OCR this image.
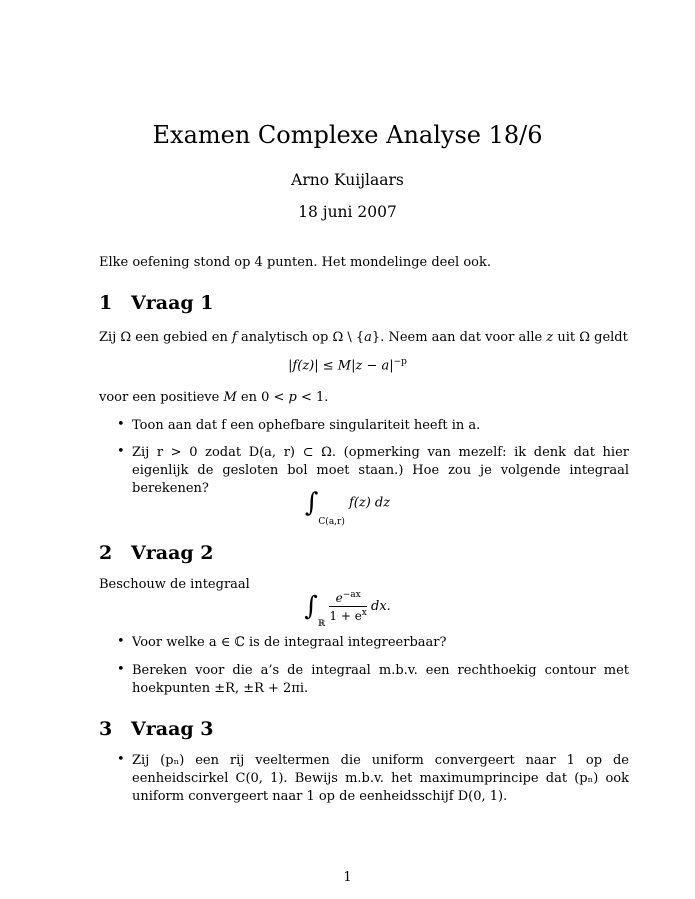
Examen Complexe Analyse 18/6
Arno Kuijlaars
18 juni 2007
Elke oefening stond op 4 punten. Het mondelinge deel ook.
1 Vraag 1
Zij Ω een gebied en f analytisch op Ω \ {a}. Neem aan dat voor alle z uit Ω geldt
$|f(z)| \le M|z - a|^{-p}$
voor een positieve M en 0 < p < 1.
• Toon aan dat f een ophefbare singulariteit heeft in a.
• Zij r > 0 zodat D(a, r) ⊂ Ω. (opmerking van mezelf: ik denk dat hier eigenlijk de gesloten bol moet staan.) Hoe zou je volgende integraal berekenen?	$\int_{C(a,r)}$ f(z) dz
2 Vraag 2
Beschouw de integraal
$\int_ℝ$
$\frac{e^{-ax}}{1 + e^x}$ dx.
• Voor welke a ∈ ℂ is de integraal integreerbaar?
• Bereken voor die a’s de integraal m.b.v. een rechthoekig contour met hoekpunten ±R, ±R + 2πi.
3 Vraag 3
• Zij (pₙ) een rij veeltermen die uniform convergeert naar 1 op de eenheidscirkel C(0, 1). Bewijs m.b.v. het maximumprincipe dat (pₙ) ook uniform convergeert naar 1 op de eenheidsschijf D(0, 1).
1
